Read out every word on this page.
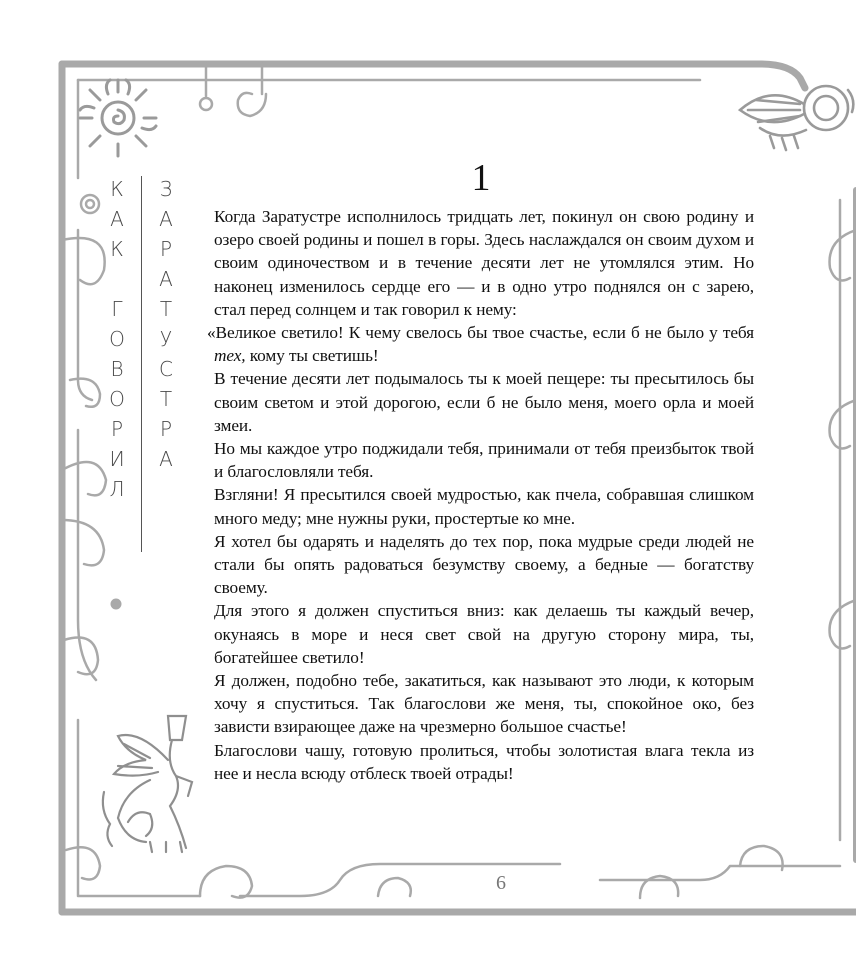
К
А
К
Г
О
В
О
Р
И
Л
З
А
Р
А
Т
У
С
Т
Р
А
1

Когда Заратустре исполнилось тридцать лет, покинул он свою родину и озеро своей родины и пошел в горы. Здесь наслаждался он своим духом и своим одиночеством и в течение десяти лет не утомлялся этим. Но наконец изменилось сердце его — и в одно утро поднялся он с зарею, стал перед солнцем и так говорил к нему:

«Великое светило! К чему свелось бы твое счастье, если б не было у тебя тех, кому ты светишь!

В течение десяти лет подымалось ты к моей пещере: ты пресытилось бы своим светом и этой дорогою, если б не было меня, моего орла и моей змеи.

Но мы каждое утро поджидали тебя, принимали от тебя преизбыток твой и благословляли тебя.

Взгляни! Я пресытился своей мудростью, как пчела, собравшая слишком много меду; мне нужны руки, простертые ко мне.

Я хотел бы одарять и наделять до тех пор, пока мудрые среди людей не стали бы опять радоваться безумству своему, а бедные — богатству своему.

Для этого я должен спуститься вниз: как делаешь ты каждый вечер, окунаясь в море и неся свет свой на другую сторону мира, ты, богатейшее светило!

Я должен, подобно тебе, закатиться, как называют это люди, к которым хочу я спуститься. Так благослови же меня, ты, спокойное око, без зависти взирающее даже на чрезмерно большое счастье!

Благослови чашу, готовую пролиться, чтобы золотистая влага текла из нее и несла всюду отблеск твоей отрады!

6
